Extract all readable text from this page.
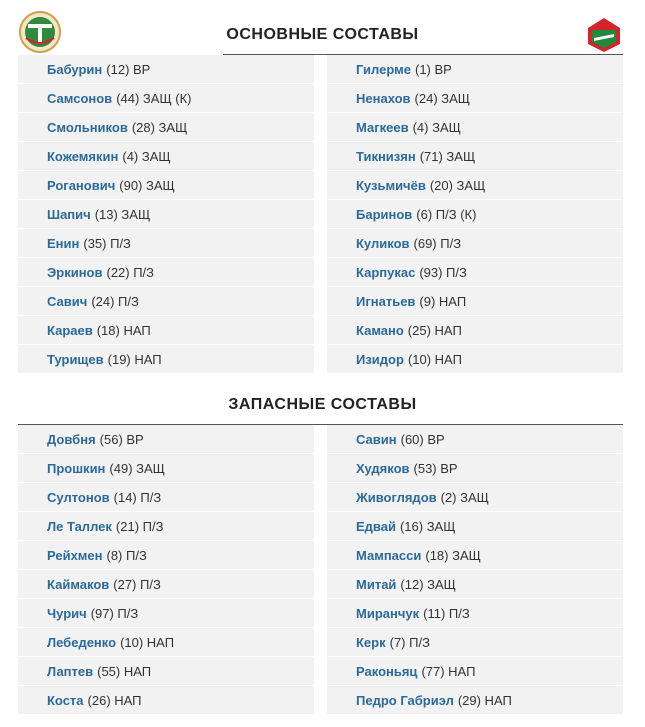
ОСНОВНЫЕ СОСТАВЫ
Бабурин (12) ВР
Самсонов (44) ЗАЩ (К)
Смольников (28) ЗАЩ
Кожемякин (4) ЗАЩ
Роганович (90) ЗАЩ
Шапич (13) ЗАЩ
Енин (35) П/З
Эркинов (22) П/З
Савич (24) П/З
Караев (18) НАП
Турищев (19) НАП
Гилерме (1) ВР
Ненахов (24) ЗАЩ
Магкеев (4) ЗАЩ
Тикнизян (71) ЗАЩ
Кузьмичёв (20) ЗАЩ
Баринов (6) П/З (К)
Куликов (69) П/З
Карпукас (93) П/З
Игнатьев (9) НАП
Камано (25) НАП
Изидор (10) НАП
ЗАПАСНЫЕ СОСТАВЫ
Довбня (56) ВР
Прошкин (49) ЗАЩ
Султонов (14) П/З
Ле Таллек (21) П/З
Рейхмен (8) П/З
Каймаков (27) П/З
Чурич (97) П/З
Лебеденко (10) НАП
Лаптев (55) НАП
Коста (26) НАП
Савин (60) ВР
Худяков (53) ВР
Живоглядов (2) ЗАЩ
Едвай (16) ЗАЩ
Мампасси (18) ЗАЩ
Митай (12) ЗАЩ
Миранчук (11) П/З
Керк (7) П/З
Раконьяц (77) НАП
Педро Габриэл (29) НАП
